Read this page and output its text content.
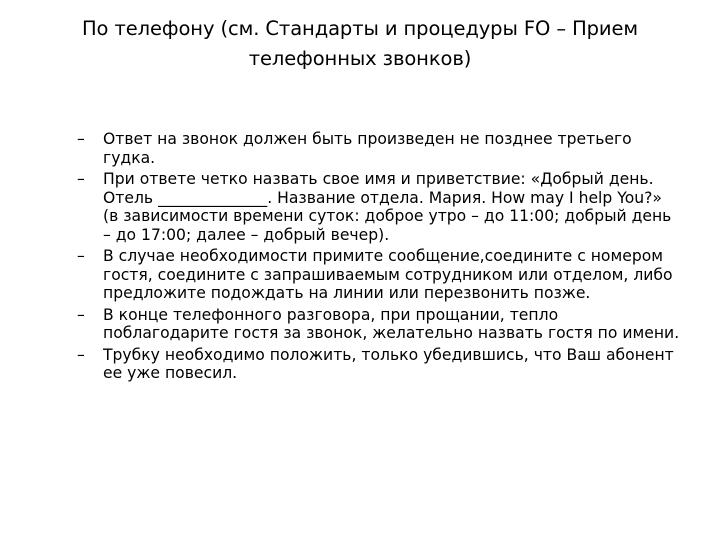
По телефону (см. Стандарты и процедуры FO – Прием телефонных звонков)
– Ответ на звонок должен быть произведен не позднее третьего гудка.
– При ответе четко назвать свое имя и приветствие: «Добрый день. Отель ______________. Название отдела. Мария. How may I help You?» (в зависимости времени суток: доброе утро – до 11:00; добрый день – до 17:00; далее – добрый вечер).
– В случае необходимости примите сообщение,соедините с номером гостя, соедините с запрашиваемым сотрудником или отделом, либо предложите подождать на линии или перезвонить позже.
– В конце телефонного разговора, при прощании, тепло поблагодарите гостя за звонок, желательно назвать гостя по имени.
– Трубку необходимо положить, только убедившись, что Ваш абонент ее уже повесил.
